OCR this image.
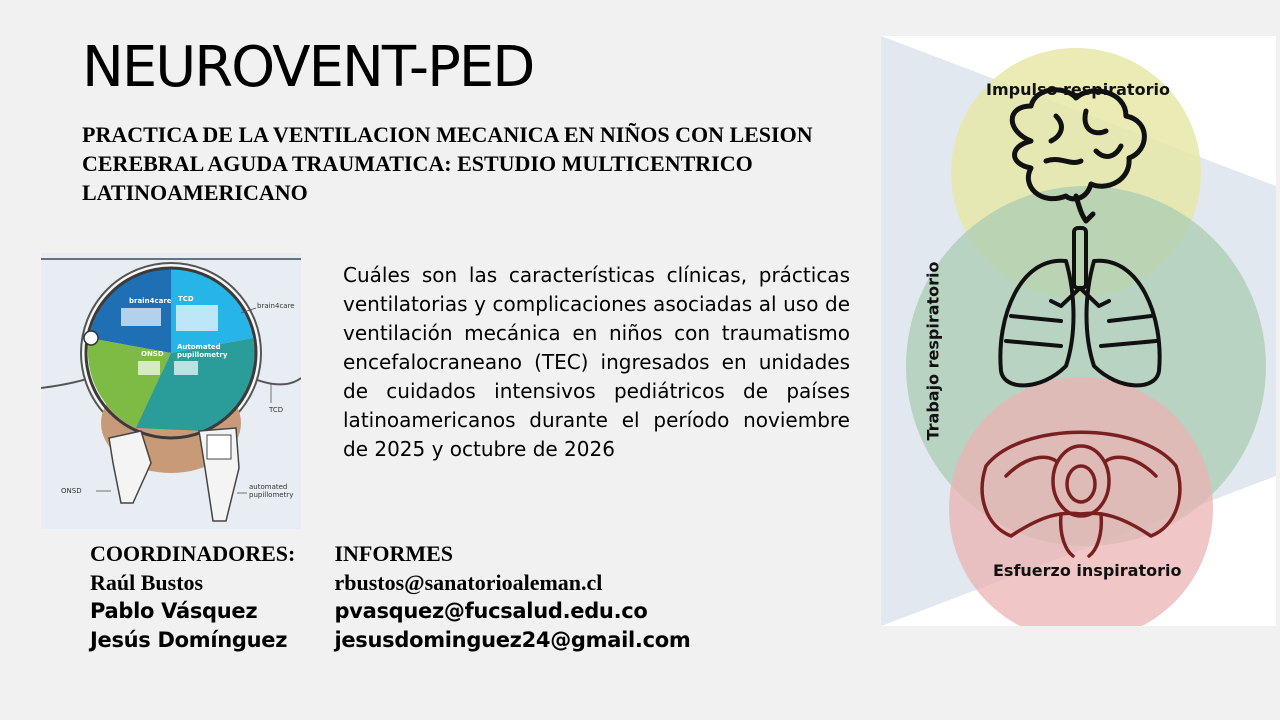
NEUROVENT-PED
PRACTICA DE LA VENTILACION MECANICA EN NIÑOS CON LESION CEREBRAL AGUDA TRAUMATICA: ESTUDIO MULTICENTRICO LATINOAMERICANO
brain4care TCD
ONSD
Automated pupillometry
brain4care
TCD
ONSD	automated pupillometry

Cuáles son las características clínicas, prácticas ventilatorias y complicaciones asociadas al uso de ventilación mecánica en niños con traumatismo encefalocraneano (TEC) ingresados en unidades de cuidados intensivos pediátricos de países latinoamericanos durante el período noviembre de 2025 y octubre de 2026

COORDINADORES: INFORMES
Raúl Bustos	rbustos@sanatorioaleman.cl
Pablo Vásquez	pvasquez@fucsalud.edu.co
Jesús Domínguez jesusdominguez24@gmail.com
Impulso respiratorio
Trabajo respiratorio
Esfuerzo inspiratorio
